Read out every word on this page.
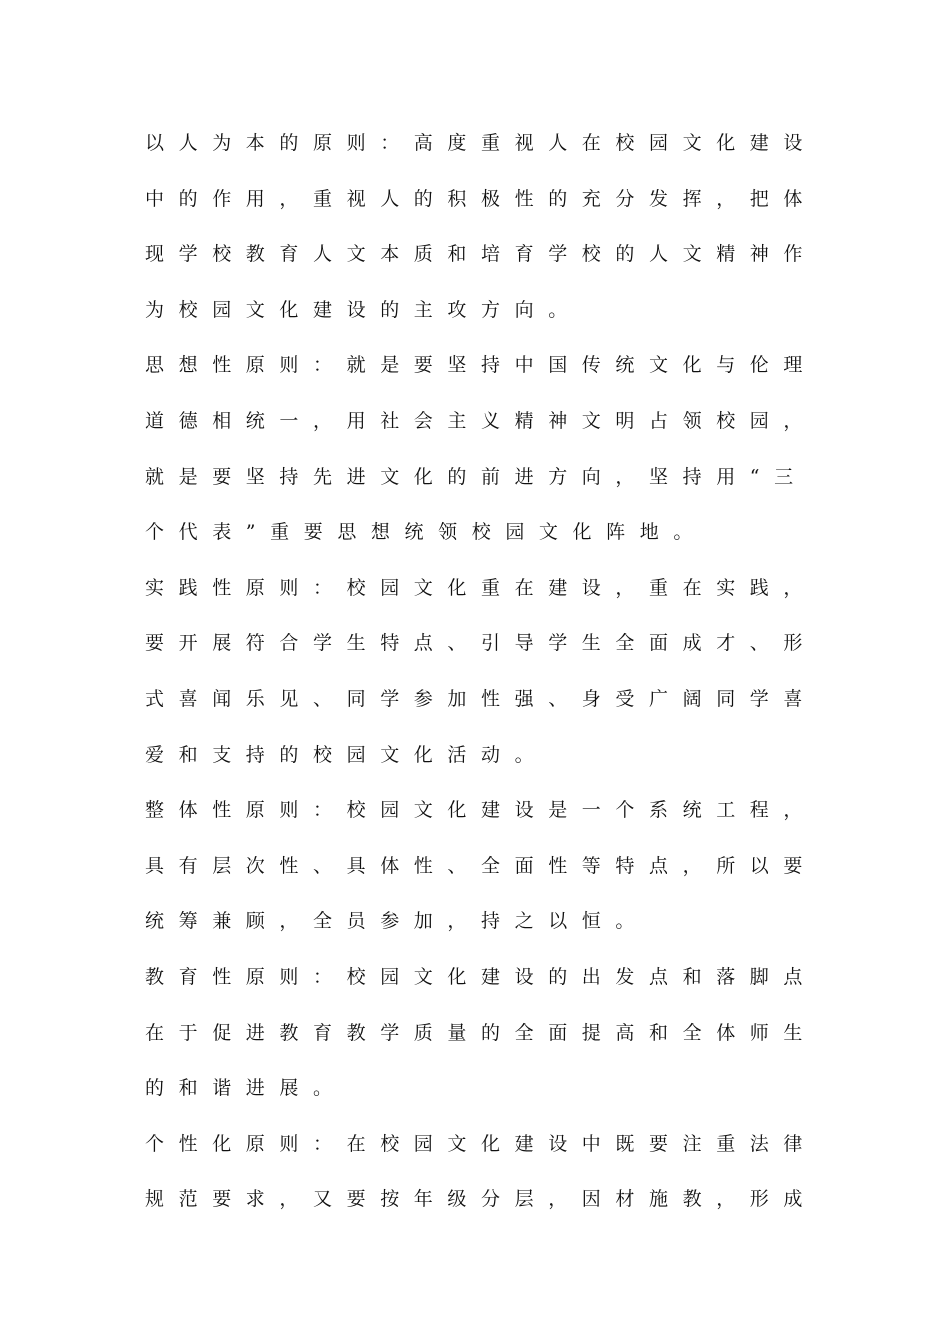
以人为本的原则：高度重视人在校园文化建设
中的作用，重视人的积极性的充分发挥，把体
现学校教育人文本质和培育学校的人文精神作
为校园文化建设的主攻方向。
思想性原则：就是要坚持中国传统文化与伦理
道德相统一，用社会主义精神文明占领校园，
就是要坚持先进文化的前进方向，坚持用“三
个代表”重要思想统领校园文化阵地。
实践性原则：校园文化重在建设，重在实践，
要开展符合学生特点、引导学生全面成才、形
式喜闻乐见、同学参加性强、身受广阔同学喜
爱和支持的校园文化活动。
整体性原则：校园文化建设是一个系统工程，
具有层次性、具体性、全面性等特点，所以要
统筹兼顾，全员参加，持之以恒。
教育性原则：校园文化建设的出发点和落脚点
在于促进教育教学质量的全面提高和全体师生
的和谐进展。
个性化原则：在校园文化建设中既要注重法律
规范要求，又要按年级分层，因材施教，形成
